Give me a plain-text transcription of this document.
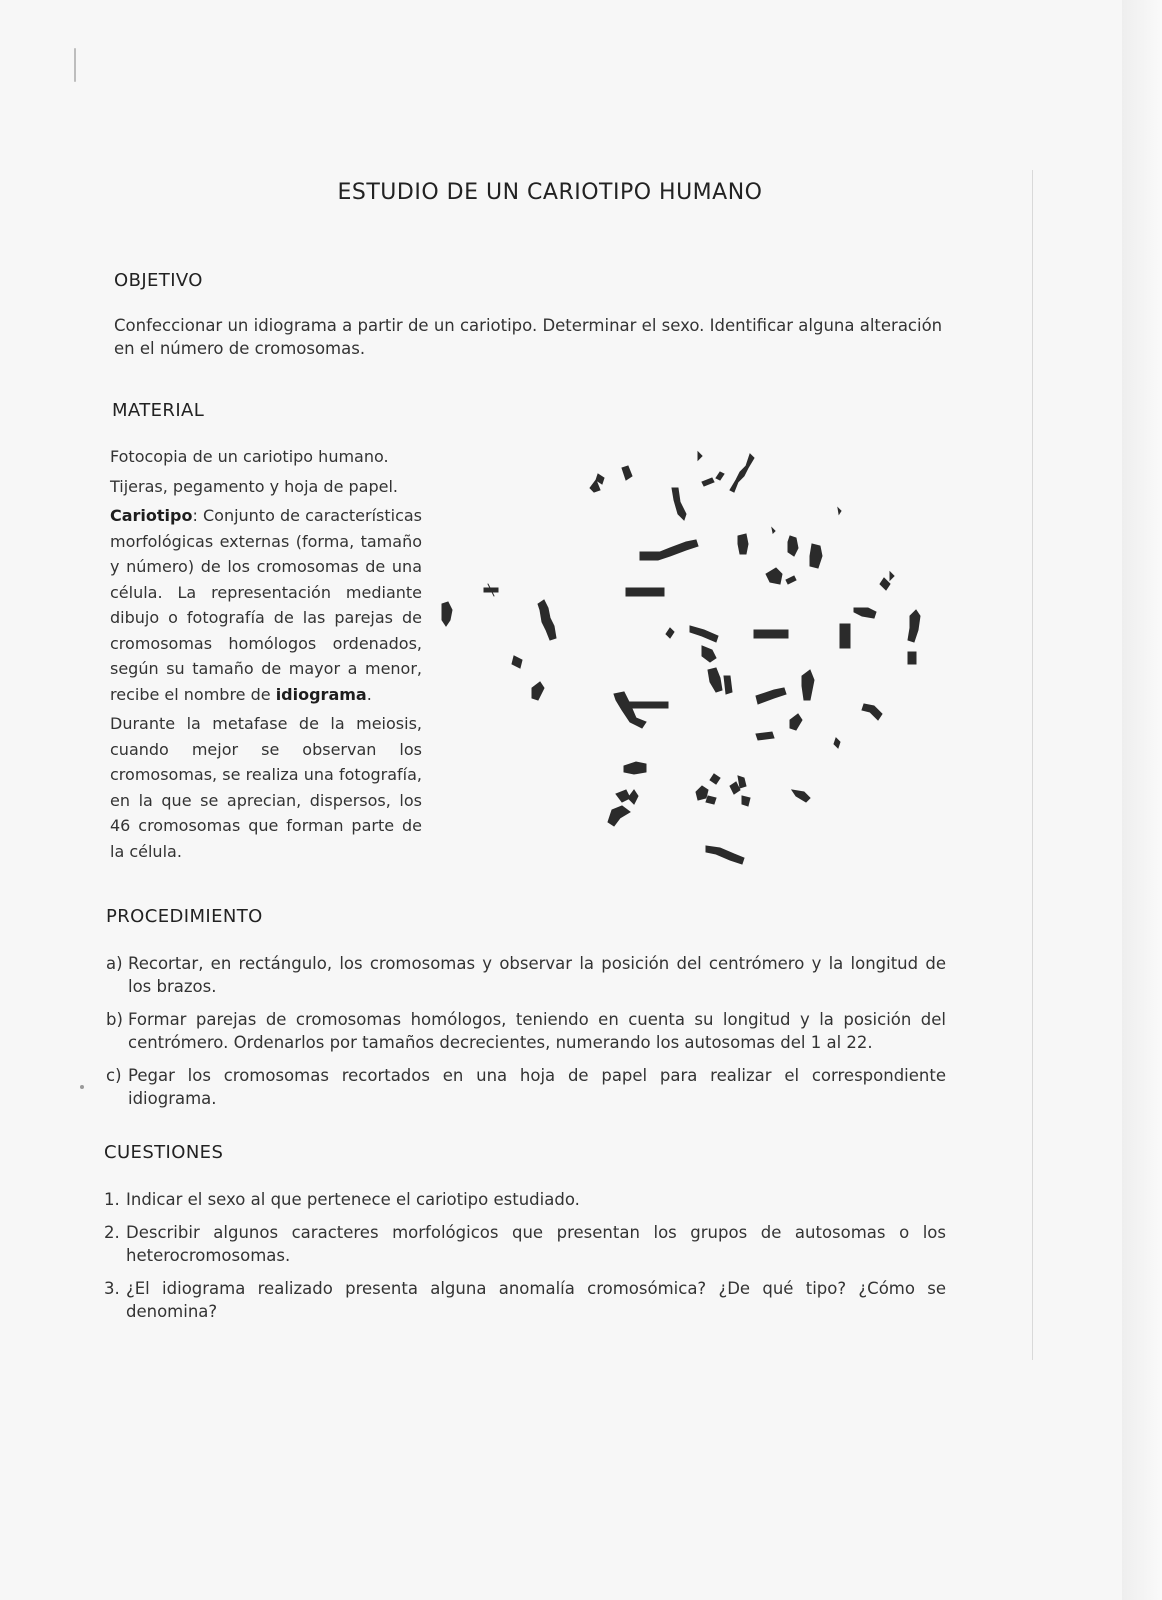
ESTUDIO DE UN CARIOTIPO HUMANO
OBJETIVO
Confeccionar un idiograma a partir de un cariotipo. Determinar el sexo. Identificar alguna alteración en el número de cromosomas.
MATERIAL

Fotocopia de un cariotipo humano.

Tijeras, pegamento y hoja de papel.

Cariotipo: Conjunto de características morfológicas externas (forma, tamaño y número) de los cromosomas de una célula. La representación mediante dibujo o fotografía de las parejas de cromosomas homólogos ordenados, según su tamaño de mayor a menor, recibe el nombre de idiograma.

Durante la metafase de la meiosis, cuando mejor se observan los cromosomas, se realiza una fotografía, en la que se aprecian, dispersos, los 46 cromosomas que forman parte de la célula.

PROCEDIMIENTO
a) Recortar, en rectángulo, los cromosomas y observar la posición del centrómero y la longitud de los brazos.
b) Formar parejas de cromosomas homólogos, teniendo en cuenta su longitud y la posición del centrómero. Ordenarlos por tamaños decrecientes, numerando los autosomas del 1 al 22.
c) Pegar los cromosomas recortados en una hoja de papel para realizar el correspondiente idiograma.
CUESTIONES
1. Indicar el sexo al que pertenece el cariotipo estudiado.
2. Describir algunos caracteres morfológicos que presentan los grupos de autosomas o los heterocromosomas.
3. ¿El idiograma realizado presenta alguna anomalía cromosómica? ¿De qué tipo? ¿Cómo se denomina?
